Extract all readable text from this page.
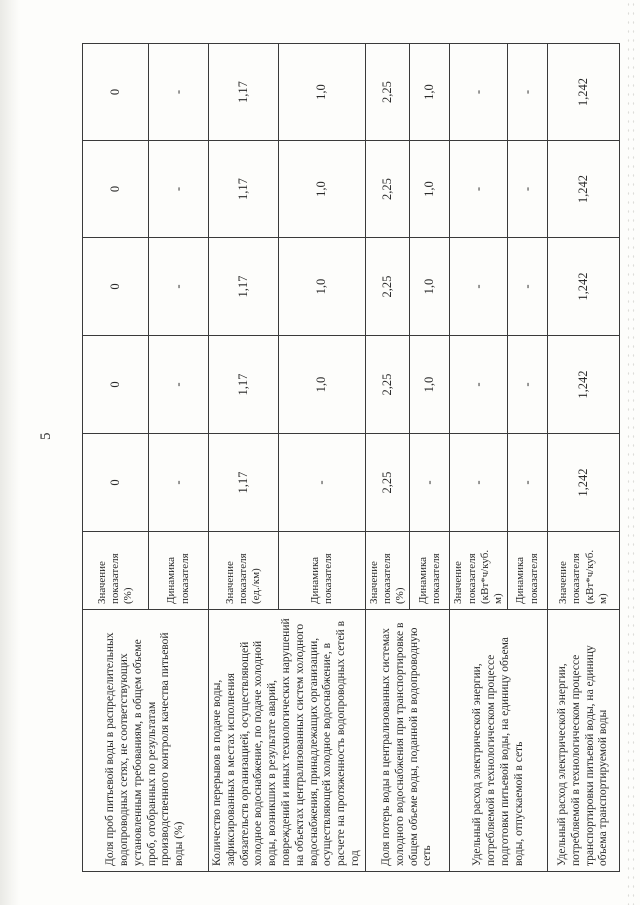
5
Доля проб питьевой воды в распределительных водопроводных сетях, не соответствующих установленным требованиям, в общем объеме проб, отобранных по результатам производственного контроля качества питьевой воды (%)	Значение показателя (%)	0	0	0	0	0
	Динамика показателя	-	-	-	-	-
Количество перерывов в подаче воды, зафиксированных в местах исполнения обязательств организацией, осуществляющей холодное водоснабжение, по подаче холодной воды, возникших в результате аварий, повреждений и иных технологических нарушений на объектах централизованных систем холодного водоснабжения, принадлежащих организации, осуществляющей холодное водоснабжение, в расчете на протяженность водопроводных сетей в год	Значение показателя (ед./км)	1,17	1,17	1,17	1,17	1,17
	Динамика показателя	-	1,0	1,0	1,0	1,0
Доля потерь воды в централизованных системах холодного водоснабжения при транспортировке в общем объеме воды, поданной в водопроводную сеть	Значение показателя (%)	2,25	2,25	2,25	2,25	2,25
	Динамика показателя	-	1,0	1,0	1,0	1,0
Удельный расход электрической энергии, потребляемой в технологическом процессе подготовки питьевой воды, на единицу объема воды, отпускаемой в сеть	Значение показателя (кВт*ч/куб. м)	-	-	-	-	-
	Динамика показателя	-	-	-	-	-
Удельный расход электрической энергии, потребляемой в технологическом процессе транспортировки питьевой воды, на единицу объема транспортируемой воды	Значение показателя (кВт*ч/куб. м)	1,242	1,242	1,242	1,242	1,242
